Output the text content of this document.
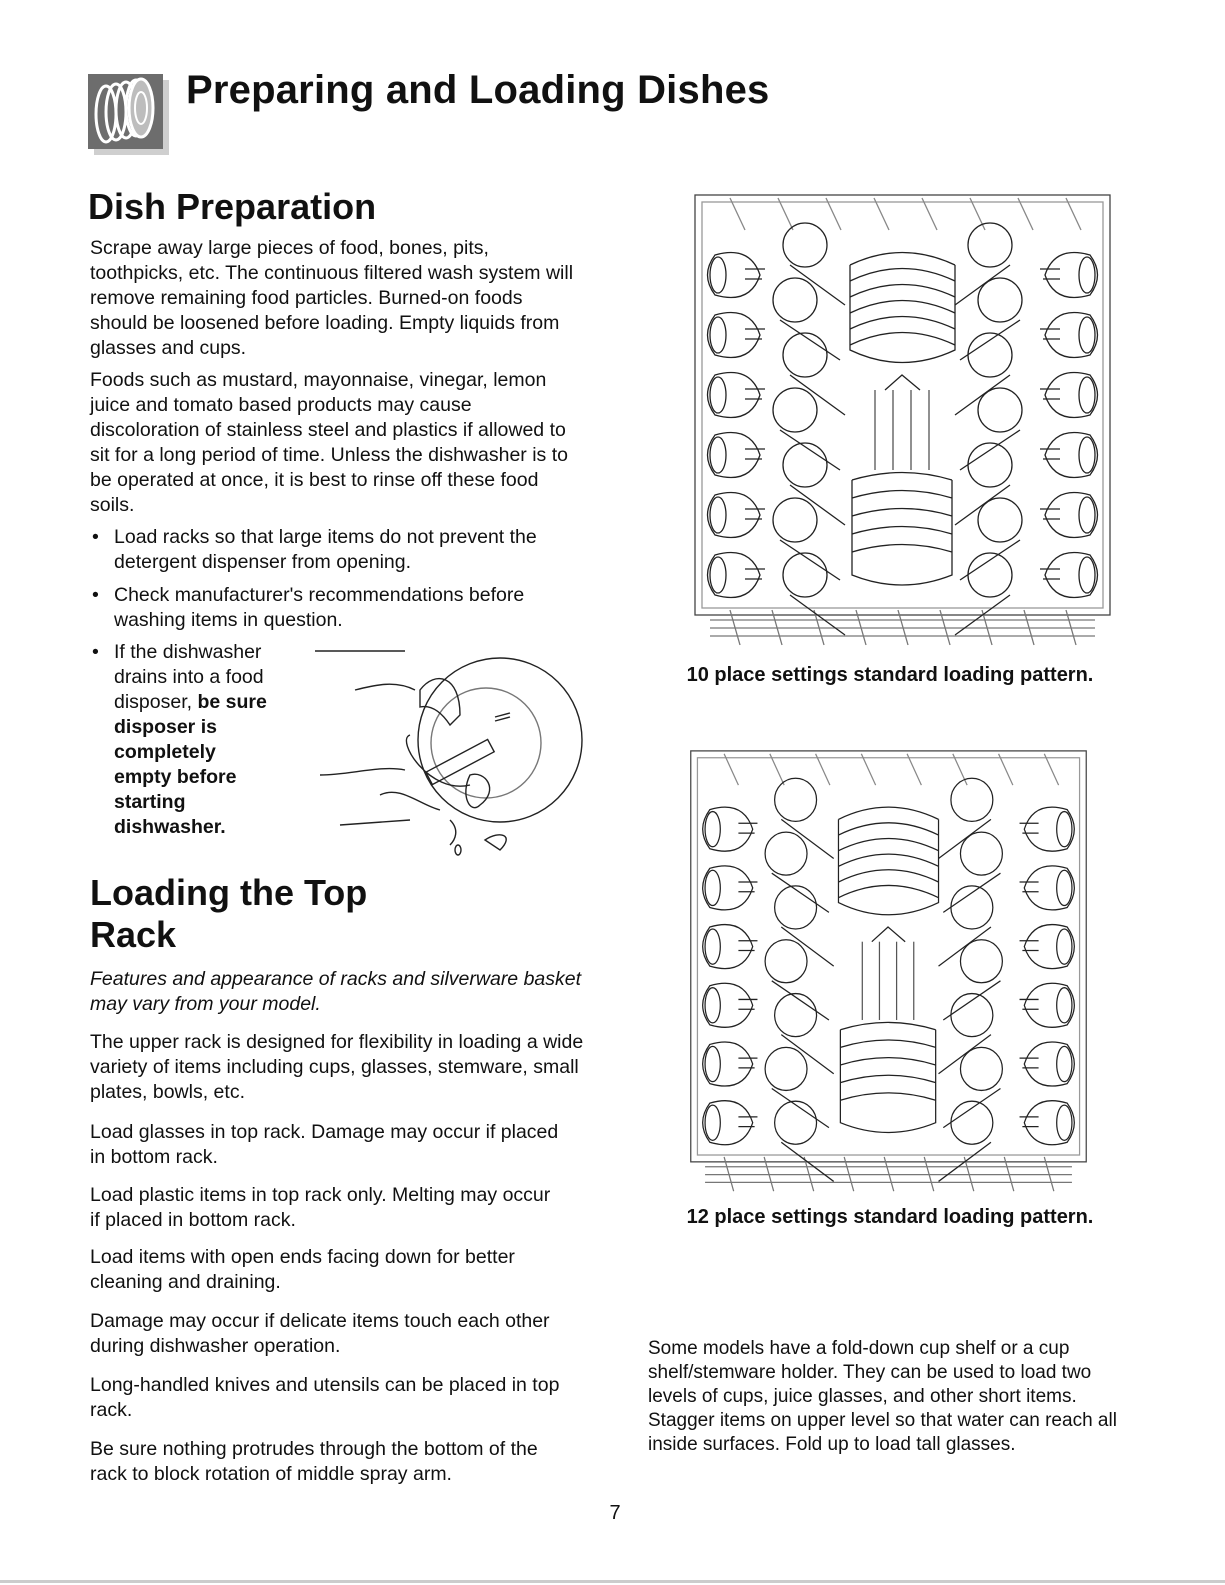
Preparing and Loading Dishes
Dish Preparation

Scrape away large pieces of food, bones, pits, toothpicks, etc. The continuous filtered wash system will remove remaining food particles. Burned-on foods should be loosened before loading. Empty liquids from glasses and cups.

Foods such as mustard, mayonnaise, vinegar, lemon juice and tomato based products may cause discoloration of stainless steel and plastics if allowed to sit for a long period of time. Unless the dishwasher is to be operated at once, it is best to rinse off these food soils.

• Load racks so that large items do not prevent the detergent dispenser from opening.
• Check manufacturer's recommendations before washing items in question.
• If the dishwasher
drains into a food
disposer, be sure
disposer is
completely
empty before
starting
dishwasher.
Loading the Top
Rack

Features and appearance of racks and silverware basket may vary from your model.

The upper rack is designed for flexibility in loading a wide variety of items including cups, glasses, stemware, small plates, bowls, etc.

Load glasses in top rack. Damage may occur if placed in bottom rack.

Load plastic items in top rack only. Melting may occur if placed in bottom rack.

Load items with open ends facing down for better cleaning and draining.

Damage may occur if delicate items touch each other during dishwasher operation.

Long-handled knives and utensils can be placed in top rack.

Be sure nothing protrudes through the bottom of the rack to block rotation of middle spray arm.

10 place settings standard loading pattern.

12 place settings standard loading pattern.

Some models have a fold-down cup shelf or a cup shelf/stemware holder. They can be used to load two levels of cups, juice glasses, and other short items. Stagger items on upper level so that water can reach all inside surfaces. Fold up to load tall glasses.

7
